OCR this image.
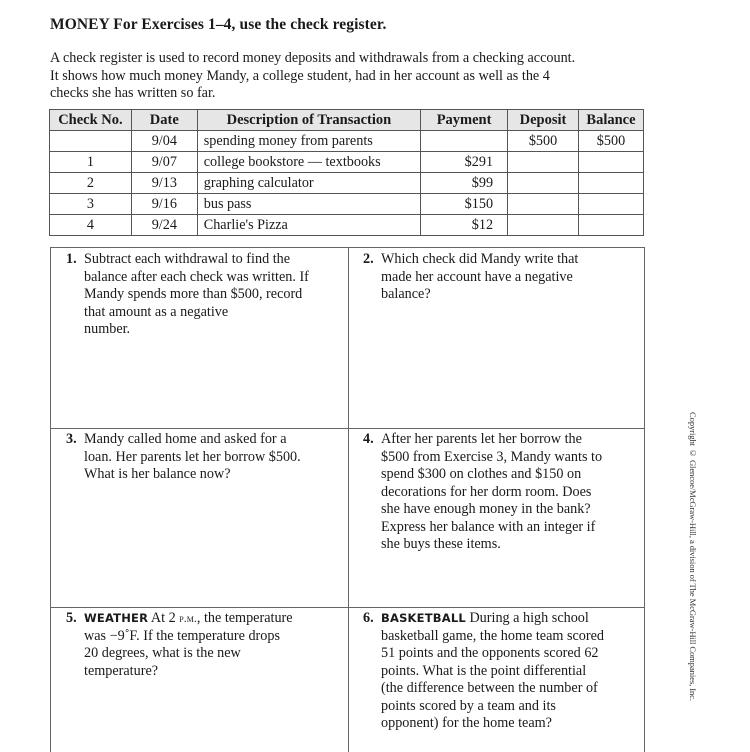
MONEY For Exercises 1–4, use the check register.
A check register is used to record money deposits and withdrawals from a checking account.
It shows how much money Mandy, a college student, had in her account as well as the 4
checks she has written so far.
Check No.	Date	Description of Transaction	Payment	Deposit	Balance
	9/04	spending money from parents		$500	$500
1	9/07	college bookstore — textbooks	$291		
2	9/13	graphing calculator	$99		
3	9/16	bus pass	$150		
4	9/24	Charlie's Pizza	$12		
1. Subtract each withdrawal to find the
balance after each check was written. If
Mandy spends more than $500, record
that amount as a negative
number.
2. Which check did Mandy write that
made her account have a negative
balance?
3. Mandy called home and asked for a
loan. Her parents let her borrow $500.
What is her balance now?
4. After her parents let her borrow the
$500 from Exercise 3, Mandy wants to
spend $300 on clothes and $150 on
decorations for her dorm room. Does
she have enough money in the bank?
Express her balance with an integer if
she buys these items.
5. WEATHER At 2 p.m., the temperature
was −9˚F. If the temperature drops
20 degrees, what is the new
temperature?
6. BASKETBALL During a high school
basketball game, the home team scored
51 points and the opponents scored 62
points. What is the point differential
(the difference between the number of
points scored by a team and its
opponent) for the home team?
Copyright © Glencoe/McGraw-Hill, a division of The McGraw-Hill Companies, Inc.
